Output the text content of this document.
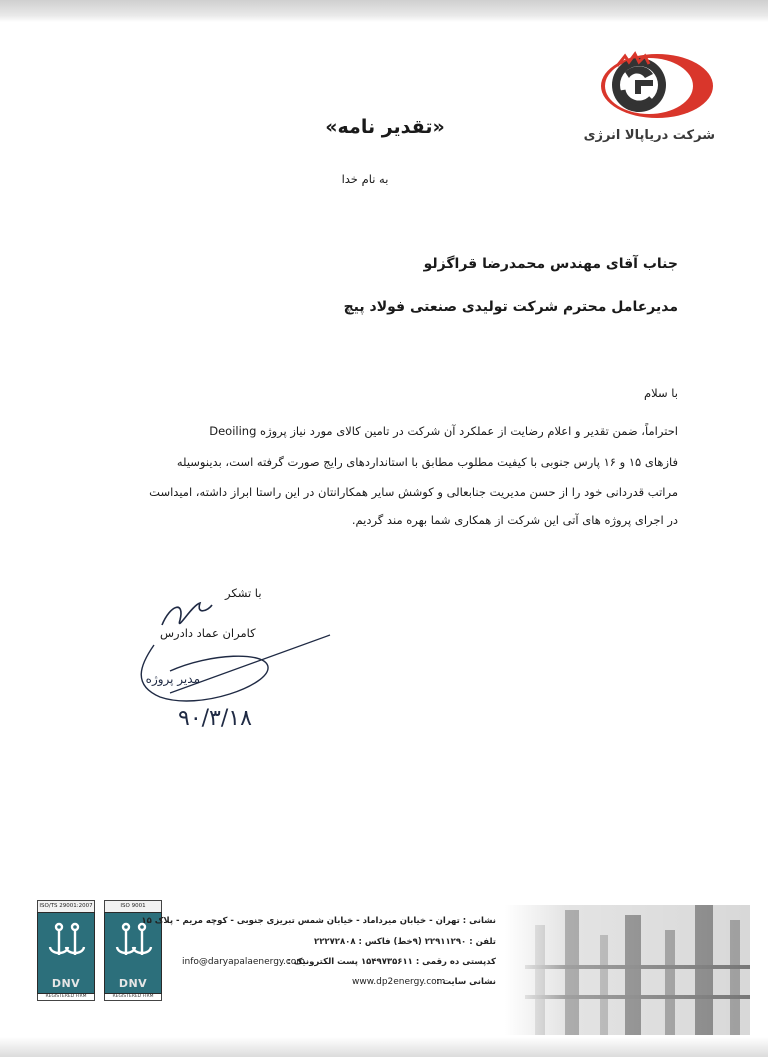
شرکت دریاپالا انرژی
«تقدیر نامه»
به نام خدا
جناب آقای مهندس محمدرضا قراگزلو
مدیرعامل محترم شرکت تولیدی صنعتی فولاد پیچ
با سلام
احتراماً، ضمن تقدیر و اعلام رضایت از عملکرد آن شرکت در تامین کالای مورد نیاز پروژه Deoiling
فازهای ۱۵ و ۱۶ پارس جنوبی با کیفیت مطلوب مطابق با استانداردهای رایج صورت گرفته است، بدینوسیله
مراتب قدردانی خود را از حسن مدیریت جنابعالی و کوشش سایر همکارانتان در این راستا ابراز داشته، امیداست
در اجرای پروژه های آتی این شرکت از همکاری شما بهره مند گردیم.
مدیر پروژه
۹۰/۳/۱۸
با تشکر
کامران عماد دادرس
ISO/TS 29001:2007
DNV
REGISTERED FIRM
ISO 9001
DNV
REGISTERED FIRM
نشانی : تهران - خیابان میرداماد - خیابان شمس تبریزی جنوبی - کوچه مریم - پلاک ۱۵
تلفن : ۲۲۹۱۱۲۹۰ (۹خط) فاکس : ۲۲۲۷۲۸۰۸
کدپستی ده رقمی : ۱۵۴۹۷۳۵۶۱۱ پست الکترونیک :
info@daryapalaenergy.com
نشانی سایت :
www.dp2energy.com
